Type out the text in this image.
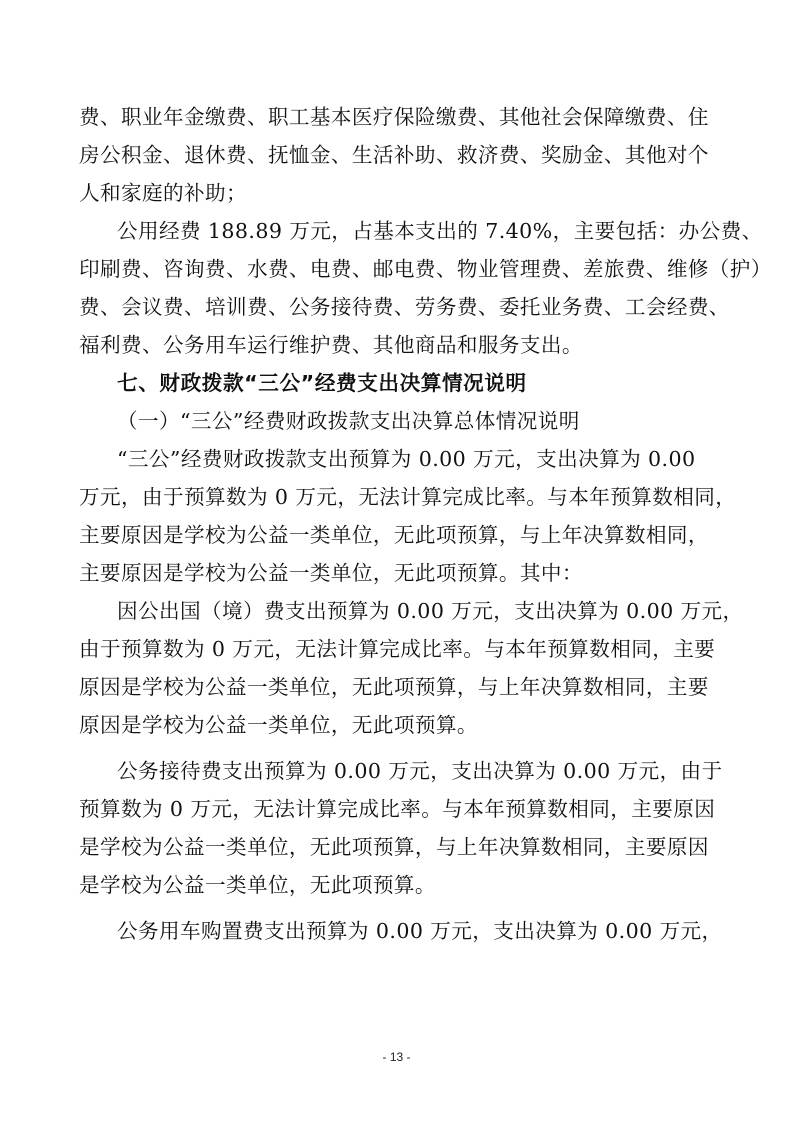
费、职业年金缴费、职工基本医疗保险缴费、其他社会保障缴费、住
房公积金、退休费、抚恤金、生活补助、救济费、奖励金、其他对个
人和家庭的补助；
公用经费 188.89 万元，占基本支出的 7.40%，主要包括：办公费、
印刷费、咨询费、水费、电费、邮电费、物业管理费、差旅费、维修（护）
费、会议费、培训费、公务接待费、劳务费、委托业务费、工会经费、
福利费、公务用车运行维护费、其他商品和服务支出。
七、财政拨款“三公”经费支出决算情况说明
（一）“三公”经费财政拨款支出决算总体情况说明
“三公”经费财政拨款支出预算为 0.00 万元，支出决算为 0.00
万元，由于预算数为 0 万元，无法计算完成比率。与本年预算数相同，
主要原因是学校为公益一类单位，无此项预算，与上年决算数相同，
主要原因是学校为公益一类单位，无此项预算。其中：
因公出国（境）费支出预算为 0.00 万元，支出决算为 0.00 万元，
由于预算数为 0 万元，无法计算完成比率。与本年预算数相同，主要
原因是学校为公益一类单位，无此项预算，与上年决算数相同，主要
原因是学校为公益一类单位，无此项预算。
公务接待费支出预算为 0.00 万元，支出决算为 0.00 万元，由于
预算数为 0 万元，无法计算完成比率。与本年预算数相同，主要原因
是学校为公益一类单位，无此项预算，与上年决算数相同，主要原因
是学校为公益一类单位，无此项预算。
公务用车购置费支出预算为 0.00 万元，支出决算为 0.00 万元，
- 13 -
